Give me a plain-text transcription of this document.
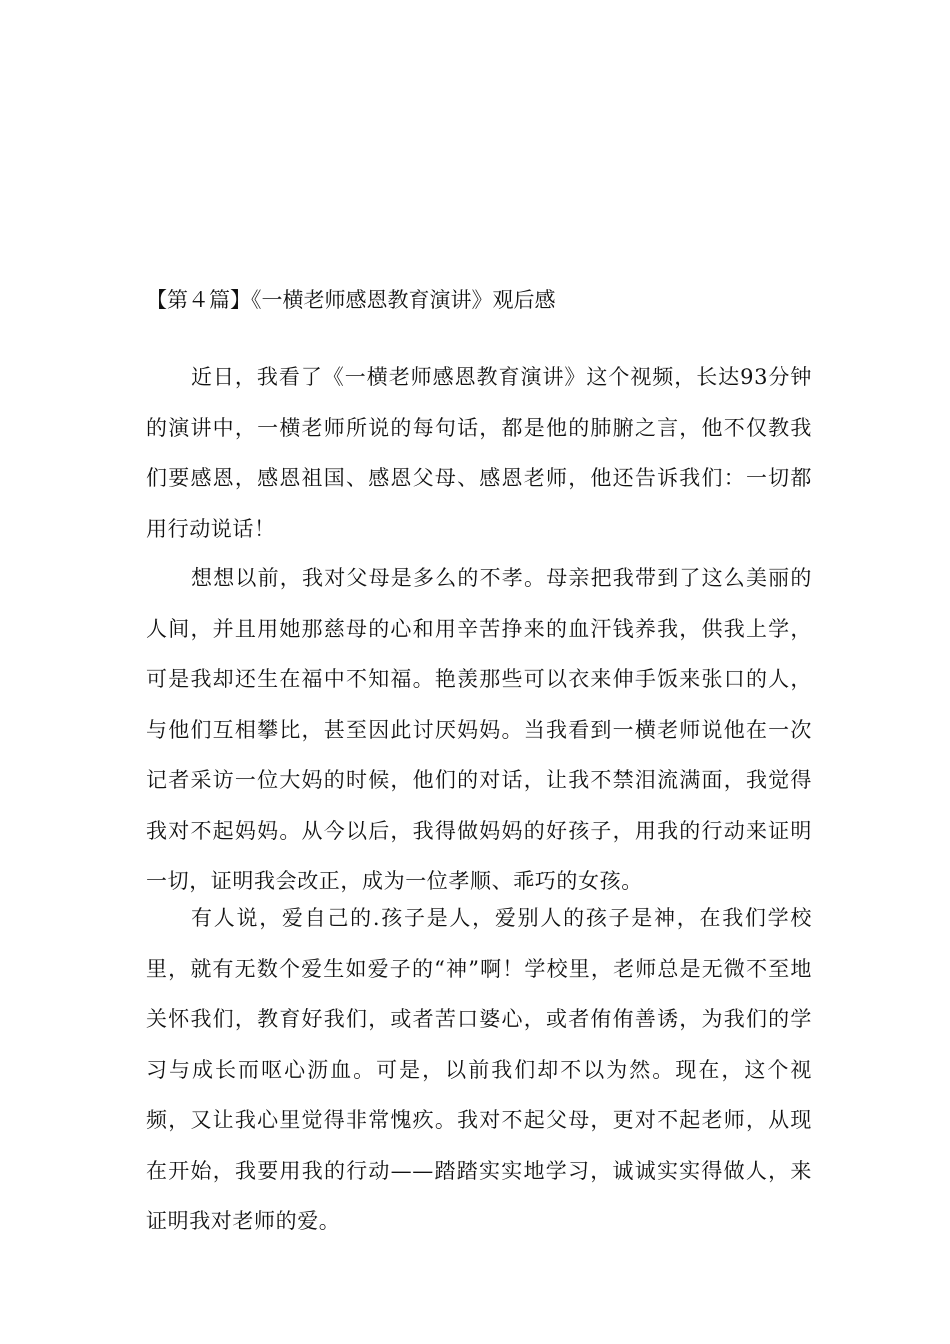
【第４篇】《一横老师感恩教育演讲》观后感

近日，我看了《一横老师感恩教育演讲》这个视频，长达93分钟的演讲中，一横老师所说的每句话，都是他的肺腑之言，他不仅教我们要感恩，感恩祖国、感恩父母、感恩老师，他还告诉我们：一切都用行动说话！

想想以前，我对父母是多么的不孝。母亲把我带到了这么美丽的人间，并且用她那慈母的心和用辛苦挣来的血汗钱养我，供我上学，可是我却还生在福中不知福。艳羡那些可以衣来伸手饭来张口的人，与他们互相攀比，甚至因此讨厌妈妈。当我看到一横老师说他在一次记者采访一位大妈的时候，他们的对话，让我不禁泪流满面，我觉得我对不起妈妈。从今以后，我得做妈妈的好孩子，用我的行动来证明一切，证明我会改正，成为一位孝顺、乖巧的女孩。

有人说，爱自己的.孩子是人，爱别人的孩子是神，在我们学校里，就有无数个爱生如爱子的“神”啊！学校里，老师总是无微不至地关怀我们，教育好我们，或者苦口婆心，或者侑侑善诱，为我们的学习与成长而呕心沥血。可是，以前我们却不以为然。现在，这个视频，又让我心里觉得非常愧疚。我对不起父母，更对不起老师，从现在开始，我要用我的行动——踏踏实实地学习，诚诚实实得做人，来证明我对老师的爱。
